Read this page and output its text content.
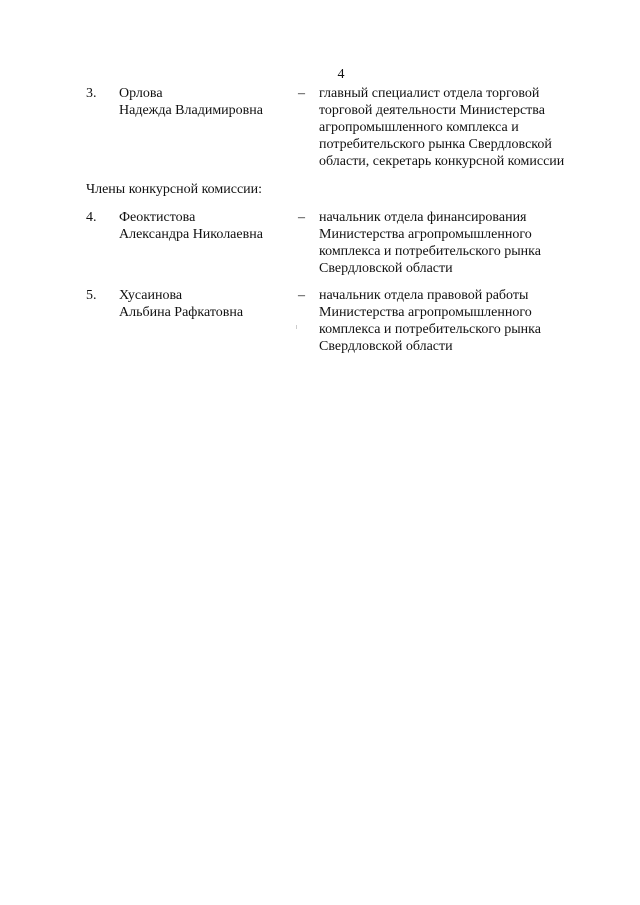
4
3.	Орлова
Надежда Владимировна
–	главный специалист отдела торговой
торговой деятельности Министерства
агропромышленного комплекса и
потребительского рынка Свердловской
области, секретарь конкурсной комиссии
Члены конкурсной комиссии:
4.	Феоктистова
Александра Николаевна
–	начальник отдела финансирования
Министерства агропромышленного
комплекса и потребительского рынка
Свердловской области
5.	Хусаинова
Альбина Рафкатовна
–	начальник отдела правовой работы
Министерства агропромышленного
комплекса и потребительского рынка
Свердловской области
